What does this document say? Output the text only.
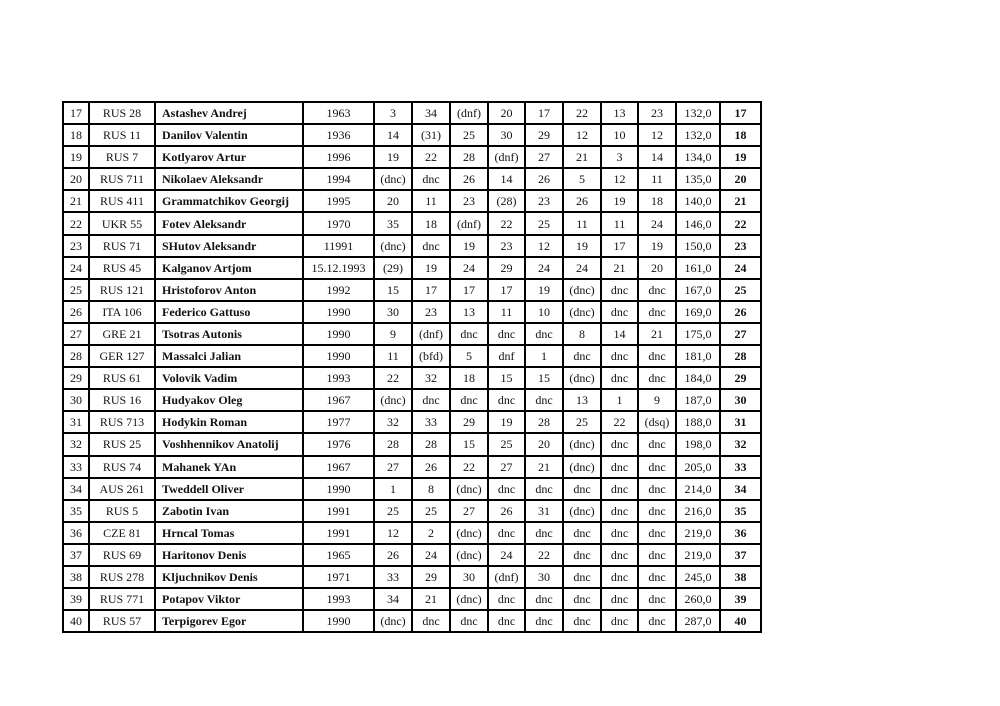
17	RUS 28	Astashev Andrej	1963	3	34	(dnf)	20	17	22	13	23	132,0	17
18	RUS 11	Danilov Valentin	1936	14	(31)	25	30	29	12	10	12	132,0	18
19	RUS 7	Kotlyarov Artur	1996	19	22	28	(dnf)	27	21	3	14	134,0	19
20	RUS 711	Nikolaev Aleksandr	1994	(dnc)	dnc	26	14	26	5	12	11	135,0	20
21	RUS 411	Grammatchikov Georgij	1995	20	11	23	(28)	23	26	19	18	140,0	21
22	UKR 55	Fotev Aleksandr	1970	35	18	(dnf)	22	25	11	11	24	146,0	22
23	RUS 71	SHutov Aleksandr	11991	(dnc)	dnc	19	23	12	19	17	19	150,0	23
24	RUS 45	Kalganov Artjom	15.12.1993	(29)	19	24	29	24	24	21	20	161,0	24
25	RUS 121	Hristoforov Anton	1992	15	17	17	17	19	(dnc)	dnc	dnc	167,0	25
26	ITA 106	Federico Gattuso	1990	30	23	13	11	10	(dnc)	dnc	dnc	169,0	26
27	GRE 21	Tsotras Autonis	1990	9	(dnf)	dnc	dnc	dnc	8	14	21	175,0	27
28	GER 127	Massalci Jalian	1990	11	(bfd)	5	dnf	1	dnc	dnc	dnc	181,0	28
29	RUS 61	Volovik Vadim	1993	22	32	18	15	15	(dnc)	dnc	dnc	184,0	29
30	RUS 16	Hudyakov Oleg	1967	(dnc)	dnc	dnc	dnc	dnc	13	1	9	187,0	30
31	RUS 713	Hodykin Roman	1977	32	33	29	19	28	25	22	(dsq)	188,0	31
32	RUS 25	Voshhennikov Anatolij	1976	28	28	15	25	20	(dnc)	dnc	dnc	198,0	32
33	RUS 74	Mahanek YAn	1967	27	26	22	27	21	(dnc)	dnc	dnc	205,0	33
34	AUS 261	Tweddell Oliver	1990	1	8	(dnc)	dnc	dnc	dnc	dnc	dnc	214,0	34
35	RUS 5	Zabotin Ivan	1991	25	25	27	26	31	(dnc)	dnc	dnc	216,0	35
36	CZE 81	Hrncal Tomas	1991	12	2	(dnc)	dnc	dnc	dnc	dnc	dnc	219,0	36
37	RUS 69	Haritonov Denis	1965	26	24	(dnc)	24	22	dnc	dnc	dnc	219,0	37
38	RUS 278	Kljuchnikov Denis	1971	33	29	30	(dnf)	30	dnc	dnc	dnc	245,0	38
39	RUS 771	Potapov Viktor	1993	34	21	(dnc)	dnc	dnc	dnc	dnc	dnc	260,0	39
40	RUS 57	Terpigorev Egor	1990	(dnc)	dnc	dnc	dnc	dnc	dnc	dnc	dnc	287,0	40
